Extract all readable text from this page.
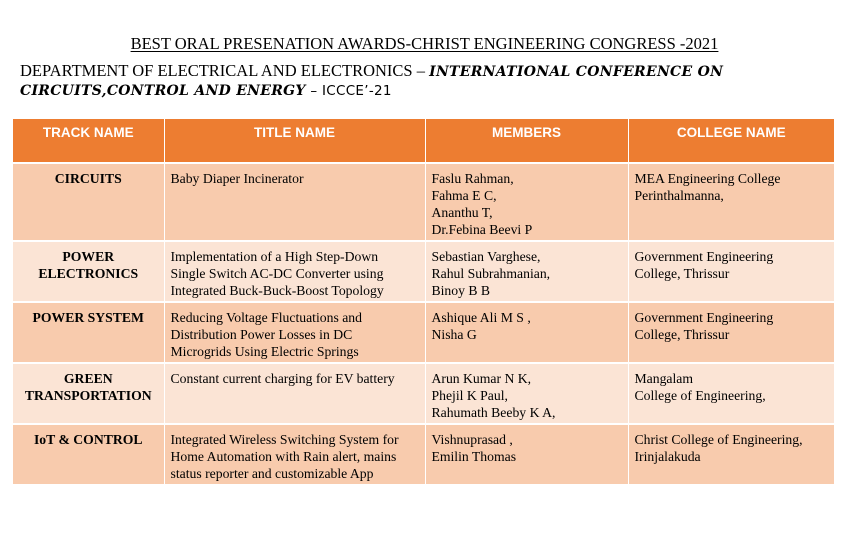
BEST ORAL PRESENATION AWARDS-CHRIST ENGINEERING CONGRESS -2021
DEPARTMENT OF ELECTRICAL AND ELECTRONICS – INTERNATIONAL CONFERENCE ON CIRCUITS,CONTROL AND ENERGY – ICCCE’-21
TRACK NAME	TITLE NAME	MEMBERS	COLLEGE NAME

CIRCUITS	Baby Diaper Incinerator	Faslu Rahman,
Fahma E C,
Ananthu T,
Dr.Febina Beevi P	MEA Engineering College
Perinthalmanna,

POWER
ELECTRONICS	Implementation of a High Step-Down
Single Switch AC-DC Converter using
Integrated Buck-Buck-Boost Topology	Sebastian Varghese,
Rahul Subrahmanian,
Binoy B B	Government Engineering
College, Thrissur

POWER SYSTEM	Reducing Voltage Fluctuations and
Distribution Power Losses in DC
Microgrids Using Electric Springs	Ashique Ali M S ,
Nisha G	Government Engineering
College, Thrissur

GREEN
TRANSPORTATION	Constant current charging for EV battery	Arun Kumar N K,
Phejil K Paul,
Rahumath Beeby K A,	Mangalam
College of Engineering,

IoT & CONTROL	Integrated Wireless Switching System for
Home Automation with Rain alert, mains
status reporter and customizable App	Vishnuprasad ,
Emilin Thomas	Christ College of Engineering,
Irinjalakuda
